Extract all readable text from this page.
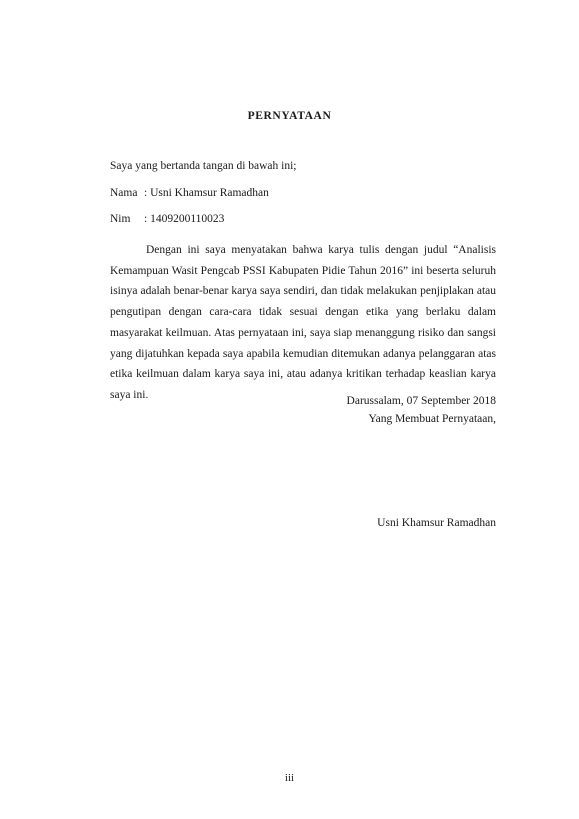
PERNYATAAN
Saya yang bertanda tangan di bawah ini;
Nama : Usni Khamsur Ramadhan
Nim : 1409200110023

Dengan ini saya menyatakan bahwa karya tulis dengan judul “Analisis Kemampuan Wasit Pengcab PSSI Kabupaten Pidie Tahun 2016” ini beserta seluruh isinya adalah benar-benar karya saya sendiri, dan tidak melakukan penjiplakan atau pengutipan dengan cara-cara tidak sesuai dengan etika yang berlaku dalam masyarakat keilmuan. Atas pernyataan ini, saya siap menanggung risiko dan sangsi yang dijatuhkan kepada saya apabila kemudian ditemukan adanya pelanggaran atas etika keilmuan dalam karya saya ini, atau adanya kritikan terhadap keaslian karya saya ini.

Darussalam, 07 September 2018
Yang Membuat Pernyataan,
Usni Khamsur Ramadhan
iii
